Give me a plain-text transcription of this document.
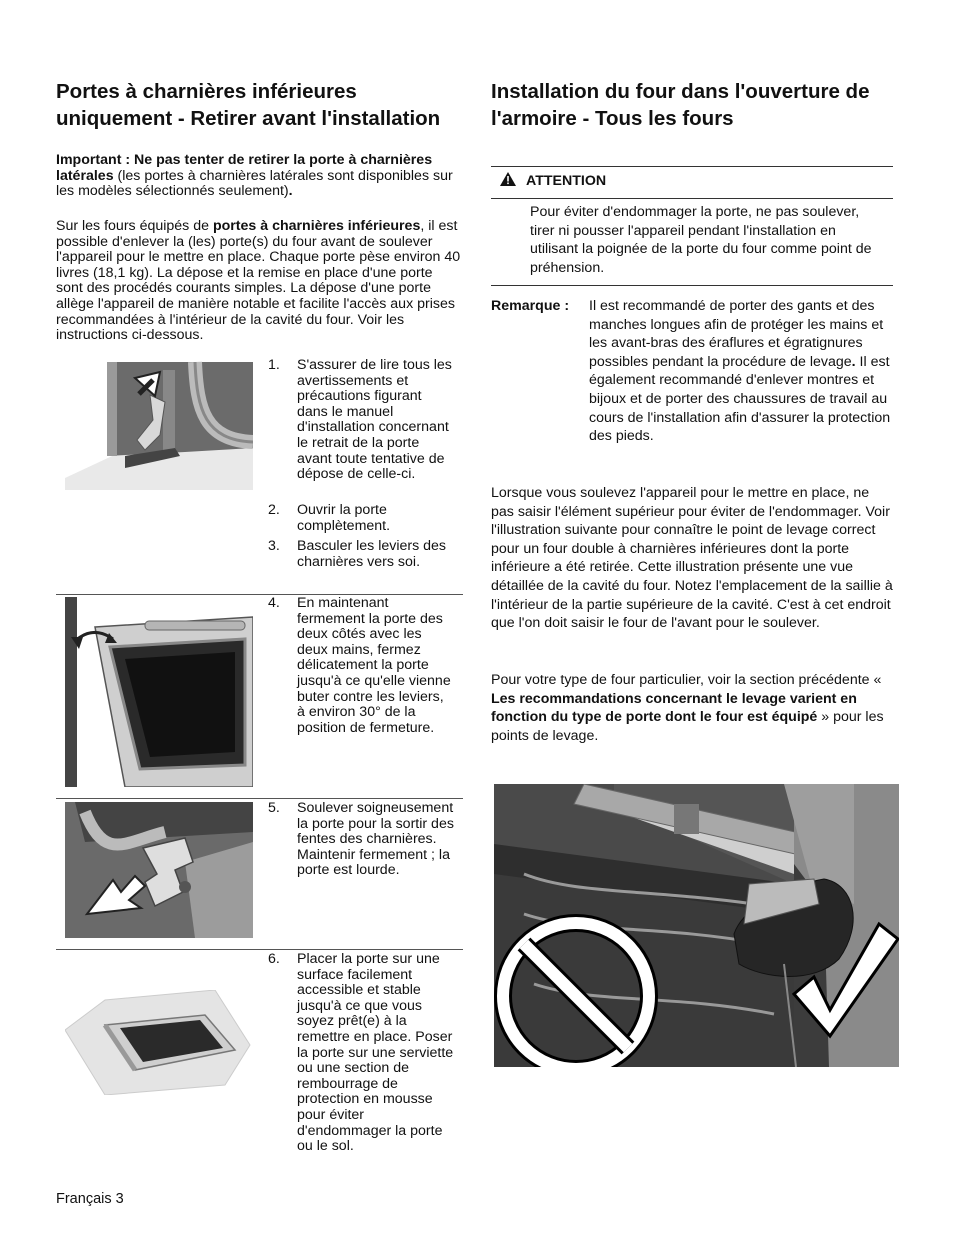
Portes à charnières inférieures uniquement - Retirer avant l'installation

Important : Ne pas tenter de retirer la porte à charnières latérales (les portes à charnières latérales sont disponibles sur les modèles sélectionnés seulement).

Sur les fours équipés de portes à charnières inférieures, il est possible d'enlever la (les) porte(s) du four avant de soulever l'appareil pour le mettre en place. Chaque porte pèse environ 40 livres (18,1 kg). La dépose et la remise en place d'une porte sont des procédés courants simples. La dépose d'une porte allège l'appareil de manière notable et facilite l'accès aux prises recommandées à l'intérieur de la cavité du four. Voir les instructions ci-dessous.

1.	S'assurer de lire tous les avertissements et précautions figurant dans le manuel d'installation concernant le retrait de la porte avant toute tentative de dépose de celle-ci.
2.	Ouvrir la porte complètement.
3.	Basculer les leviers des charnières vers soi.
4.	En maintenant fermement la porte des deux côtés avec les deux mains, fermez délicatement la porte jusqu'à ce qu'elle vienne buter contre les leviers, à environ 30° de la position de fermeture.
5.	Soulever soigneusement la porte pour la sortir des fentes des charnières. Maintenir fermement ; la porte est lourde.
6.	Placer la porte sur une surface facilement accessible et stable jusqu'à ce que vous soyez prêt(e) à la remettre en place. Poser la porte sur une serviette ou une section de rembourrage de protection en mousse pour éviter d'endommager la porte ou le sol.
Installation du four dans l'ouverture de l'armoire - Tous les fours
ATTENTION

Pour éviter d'endommager la porte, ne pas soulever, tirer ni pousser l'appareil pendant l'installation en utilisant la poignée de la porte du four comme point de préhension.

Remarque :	Il est recommandé de porter des gants et des manches longues afin de protéger les mains et les avant-bras des éraflures et égratignures possibles pendant la procédure de levage. Il est également recommandé d'enlever montres et bijoux et de porter des chaussures de travail au cours de l'installation afin d'assurer la protection des pieds.

Lorsque vous soulevez l'appareil pour le mettre en place, ne pas saisir l'élément supérieur pour éviter de l'endommager. Voir l'illustration suivante pour connaître le point de levage correct pour un four double à charnières inférieures dont la porte inférieure a été retirée. Cette illustration présente une vue détaillée de la cavité du four. Notez l'emplacement de la saillie à l'intérieur de la partie supérieure de la cavité. C'est à cet endroit que l'on doit saisir le four de l'avant pour le soulever.

Pour votre type de four particulier, voir la section précédente « Les recommandations concernant le levage varient en fonction du type de porte dont le four est équipé » pour les points de levage.

Français 3
